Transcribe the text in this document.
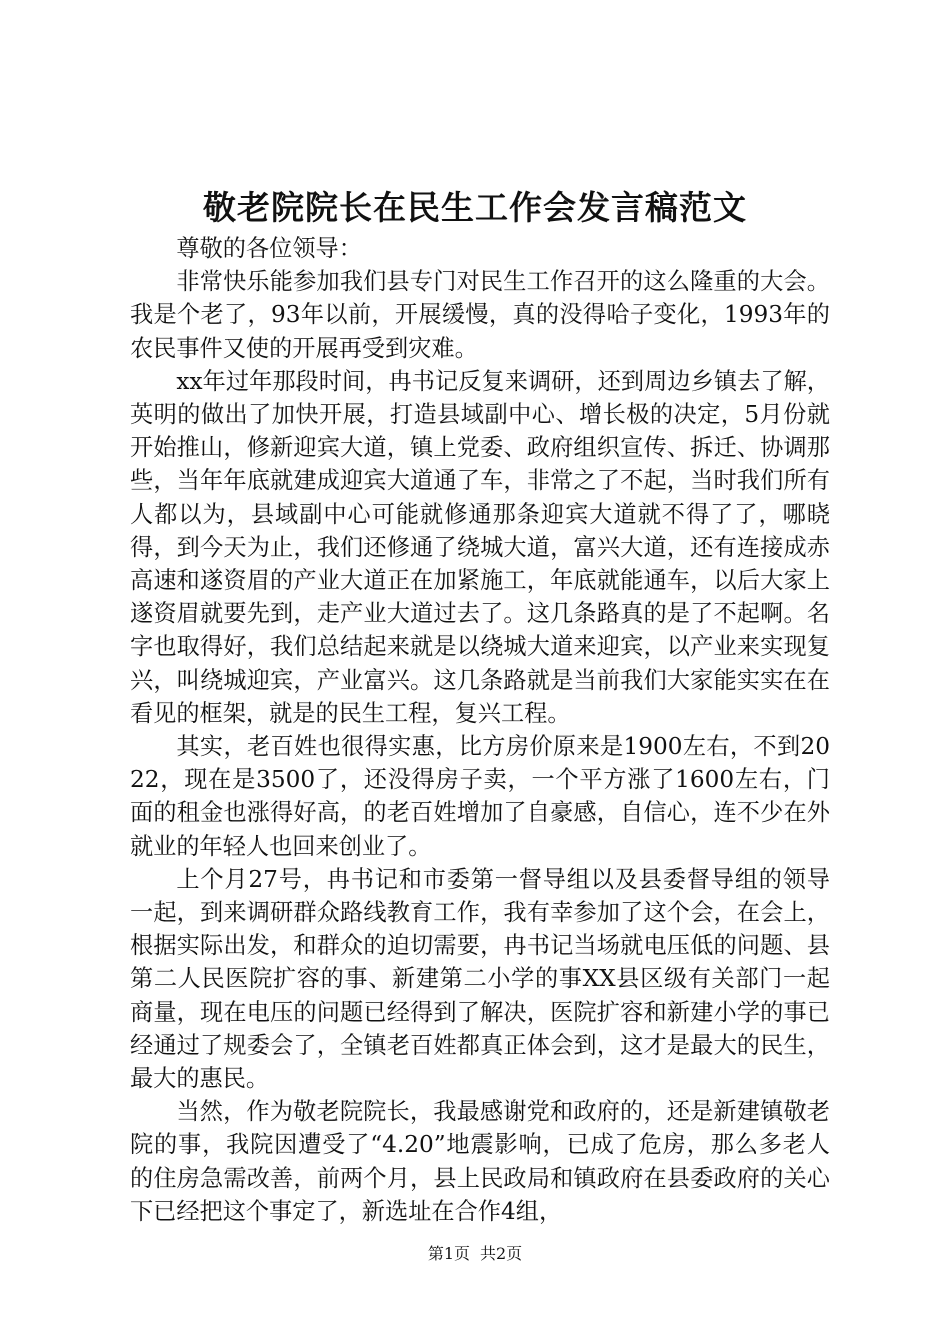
敬老院院长在民生工作会发言稿范文

尊敬的各位领导：

非常快乐能参加我们县专门对民生工作召开的这么隆重的大会。我是个老了，93年以前，开展缓慢，真的没得哈子变化，1993年的农民事件又使的开展再受到灾难。

xx年过年那段时间，冉书记反复来调研，还到周边乡镇去了解，英明的做出了加快开展，打造县域副中心、增长极的决定，5月份就开始推山，修新迎宾大道，镇上党委、政府组织宣传、拆迁、协调那些，当年年底就建成迎宾大道通了车，非常之了不起，当时我们所有人都以为，县域副中心可能就修通那条迎宾大道就不得了了，哪晓得，到今天为止，我们还修通了绕城大道，富兴大道，还有连接成赤高速和遂资眉的产业大道正在加紧施工，年底就能通车，以后大家上遂资眉就要先到，走产业大道过去了。这几条路真的是了不起啊。名字也取得好，我们总结起来就是以绕城大道来迎宾，以产业来实现复兴，叫绕城迎宾，产业富兴。这几条路就是当前我们大家能实实在在看见的框架，就是的民生工程，复兴工程。

其实，老百姓也很得实惠，比方房价原来是1900左右，不到2022，现在是3500了，还没得房子卖，一个平方涨了1600左右，门面的租金也涨得好高，的老百姓增加了自豪感，自信心，连不少在外就业的年轻人也回来创业了。

上个月27号，冉书记和市委第一督导组以及县委督导组的领导一起，到来调研群众路线教育工作，我有幸参加了这个会，在会上，根据实际出发，和群众的迫切需要，冉书记当场就电压低的问题、县第二人民医院扩容的事、新建第二小学的事XX县区级有关部门一起商量，现在电压的问题已经得到了解决，医院扩容和新建小学的事已经通过了规委会了，全镇老百姓都真正体会到，这才是最大的民生，最大的惠民。

当然，作为敬老院院长，我最感谢党和政府的，还是新建镇敬老院的事，我院因遭受了“4.20”地震影响，已成了危房，那么多老人的住房急需改善，前两个月，县上民政局和镇政府在县委政府的关心下已经把这个事定了，新选址在合作4组，

第1页 共2页
